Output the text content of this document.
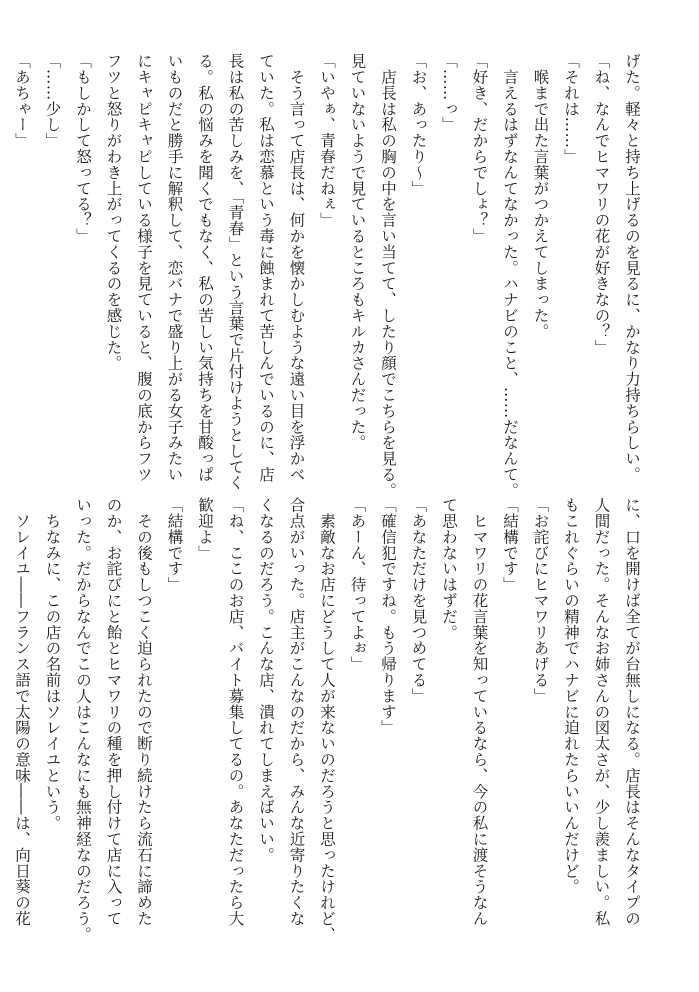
げた。軽々と持ち上げるのを見るに、かなり力持ちらしい。
「ね、なんでヒマワリの花が好きなの？」
「それは……」
　喉まで出た言葉がつかえてしまった。
　言えるはずなんてなかった。ハナビのこと、……だなんて。
「好き、だからでしょ？」
「……っ」
「お、あったり～」
　店長は私の胸の中を言い当てて、したり顔でこちらを見る。
見ていないようで見ているところもキルカさんだった。
「いやぁ、青春だねぇ」
　そう言って店長は、何かを懐かしむような遠い目を浮かべ
ていた。私は恋慕という毒に蝕まれて苦しんでいるのに、店
長は私の苦しみを、「青春」という言葉で片付けようとしてく
る。私の悩みを聞くでもなく、私の苦しい気持ちを甘酸っぱ
いものだと勝手に解釈して、恋バナで盛り上がる女子みたい
にキャピキャピしている様子を見ていると、腹の底からフツ
フツと怒りがわき上がってくるのを感じた。
「もしかして怒ってる？」
「……少し」
「あちゃー」
に、口を開けば全てが台無しになる。店長はそんなタイプの
人間だった。そんなお姉さんの図太さが、少し羨ましい。私
もこれぐらいの精神でハナビに迫れたらいいんだけど。
「お詫びにヒマワリあげる」
「結構です」
　ヒマワリの花言葉を知っているなら、今の私に渡そうなん
て思わないはずだ。
「あなただけを見つめてる」
「確信犯ですね。もう帰ります」
「あーん、待ってよぉ」
　素敵なお店にどうして人が来ないのだろうと思ったけれど、
合点がいった。店主がこんなのだから、みんな近寄りたくな
くなるのだろう。こんな店、潰れてしまえばいい。
「ね、ここのお店、バイト募集してるの。あなただったら大
歓迎よ」
「結構です」
　その後もしつこく迫られたので断り続けたら流石に諦めた
のか、お詫びにと飴とヒマワリの種を押し付けて店に入って
いった。だからなんでこの人はこんなにも無神経なのだろう。
　ちなみに、この店の名前はソレイユという。
　ソレイユ――フランス語で太陽の意味――は、向日葵の花
